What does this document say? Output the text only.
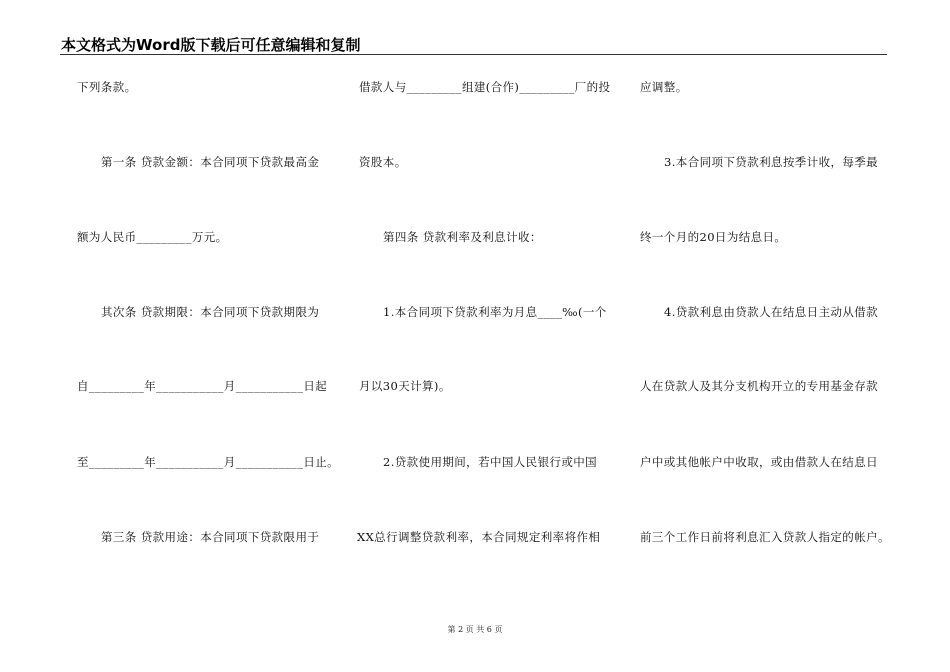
本文格式为Word版下载后可任意编辑和复制
下列条款。
第一条 贷款金额：本合同项下贷款最高金
额为人民币_________万元。
其次条 贷款期限：本合同项下贷款期限为
自_________年___________月___________日起
至_________年___________月___________日止。
第三条 贷款用途：本合同项下贷款限用于
借款人与_________组建(合作)_________厂的投
资股本。
第四条 贷款利率及利息计收：
1.本合同项下贷款利率为月息____‰(一个
月以30天计算)。
2.贷款使用期间，若中国人民银行或中国
XX总行调整贷款利率，本合同规定利率将作相
应调整。
3.本合同项下贷款利息按季计收，每季最
终一个月的20日为结息日。
4.贷款利息由贷款人在结息日主动从借款
人在贷款人及其分支机构开立的专用基金存款
户中或其他帐户中收取，或由借款人在结息日
前三个工作日前将利息汇入贷款人指定的帐户。
第 2 页 共 6 页
